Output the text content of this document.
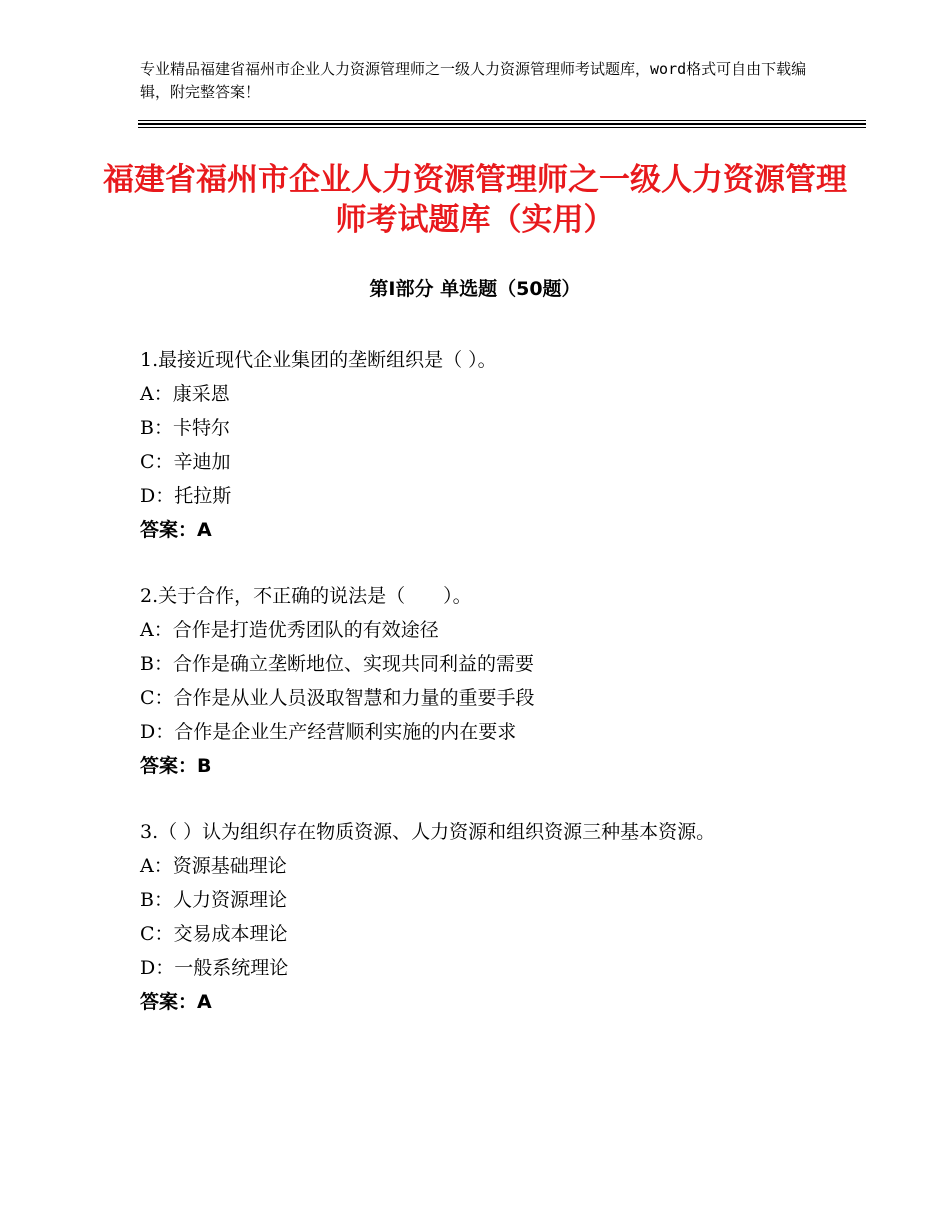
专业精品福建省福州市企业人力资源管理师之一级人力资源管理师考试题库，word格式可自由下载编辑，附完整答案！
福建省福州市企业人力资源管理师之一级人力资源管理师考试题库（实用）
第Ⅰ部分 单选题（50题）
1.最接近现代企业集团的垄断组织是（ ）。
A：康采恩
B：卡特尔
C：辛迪加
D：托拉斯
答案：A
2.关于合作，不正确的说法是（　　）。
A：合作是打造优秀团队的有效途径
B：合作是确立垄断地位、实现共同利益的需要
C：合作是从业人员汲取智慧和力量的重要手段
D：合作是企业生产经营顺利实施的内在要求
答案：B
3.（ ）认为组织存在物质资源、人力资源和组织资源三种基本资源。
A：资源基础理论
B：人力资源理论
C：交易成本理论
D：一般系统理论
答案：A
